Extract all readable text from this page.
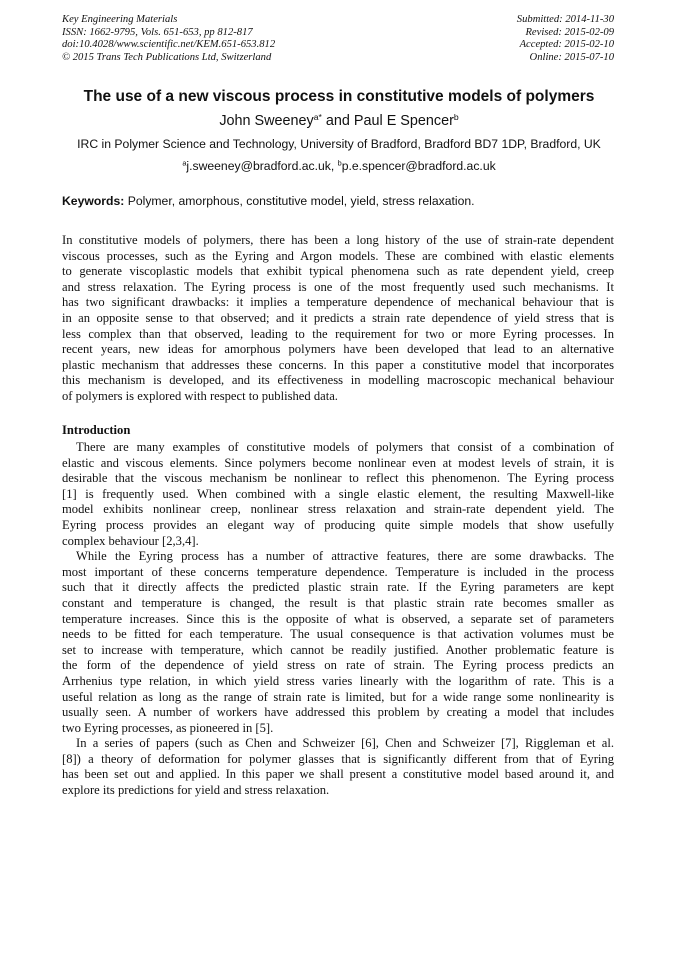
Key Engineering Materials
ISSN: 1662-9795, Vols. 651-653, pp 812-817
doi:10.4028/www.scientific.net/KEM.651-653.812
© 2015 Trans Tech Publications Ltd, Switzerland
Submitted: 2014-11-30
Revised: 2015-02-09
Accepted: 2015-02-10
Online: 2015-07-10
The use of a new viscous process in constitutive models of polymers
John Sweeney$^{a*}$ and Paul E Spencer$^b$
IRC in Polymer Science and Technology, University of Bradford, Bradford BD7 1DP, Bradford, UK
$^a$j.sweeney@bradford.ac.uk, $^b$p.e.spencer@bradford.ac.uk
Keywords: Polymer, amorphous, constitutive model, yield, stress relaxation.
In constitutive models of polymers, there has been a long history of the use of strain-rate dependent
viscous processes, such as the Eyring and Argon models. These are combined with elastic elements
to generate viscoplastic models that exhibit typical phenomena such as rate dependent yield, creep
and stress relaxation. The Eyring process is one of the most frequently used such mechanisms. It
has two significant drawbacks: it implies a temperature dependence of mechanical behaviour that is
in an opposite sense to that observed; and it predicts a strain rate dependence of yield stress that is
less complex than that observed, leading to the requirement for two or more Eyring processes. In
recent years, new ideas for amorphous polymers have been developed that lead to an alternative
plastic mechanism that addresses these concerns. In this paper a constitutive model that incorporates
this mechanism is developed, and its effectiveness in modelling macroscopic mechanical behaviour
of polymers is explored with respect to published data.
Introduction
There are many examples of constitutive models of polymers that consist of a combination of
elastic and viscous elements. Since polymers become nonlinear even at modest levels of strain, it is
desirable that the viscous mechanism be nonlinear to reflect this phenomenon. The Eyring process
[1] is frequently used. When combined with a single elastic element, the resulting Maxwell-like
model exhibits nonlinear creep, nonlinear stress relaxation and strain-rate dependent yield. The
Eyring process provides an elegant way of producing quite simple models that show usefully
complex behaviour [2,3,4].
While the Eyring process has a number of attractive features, there are some drawbacks. The
most important of these concerns temperature dependence. Temperature is included in the process
such that it directly affects the predicted plastic strain rate. If the Eyring parameters are kept
constant and temperature is changed, the result is that plastic strain rate becomes smaller as
temperature increases. Since this is the opposite of what is observed, a separate set of parameters
needs to be fitted for each temperature. The usual consequence is that activation volumes must be
set to increase with temperature, which cannot be readily justified. Another problematic feature is
the form of the dependence of yield stress on rate of strain. The Eyring process predicts an
Arrhenius type relation, in which yield stress varies linearly with the logarithm of rate. This is a
useful relation as long as the range of strain rate is limited, but for a wide range some nonlinearity is
usually seen. A number of workers have addressed this problem by creating a model that includes
two Eyring processes, as pioneered in [5].
In a series of papers (such as Chen and Schweizer [6], Chen and Schweizer [7], Riggleman et al.
[8]) a theory of deformation for polymer glasses that is significantly different from that of Eyring
has been set out and applied. In this paper we shall present a constitutive model based around it, and
explore its predictions for yield and stress relaxation.
